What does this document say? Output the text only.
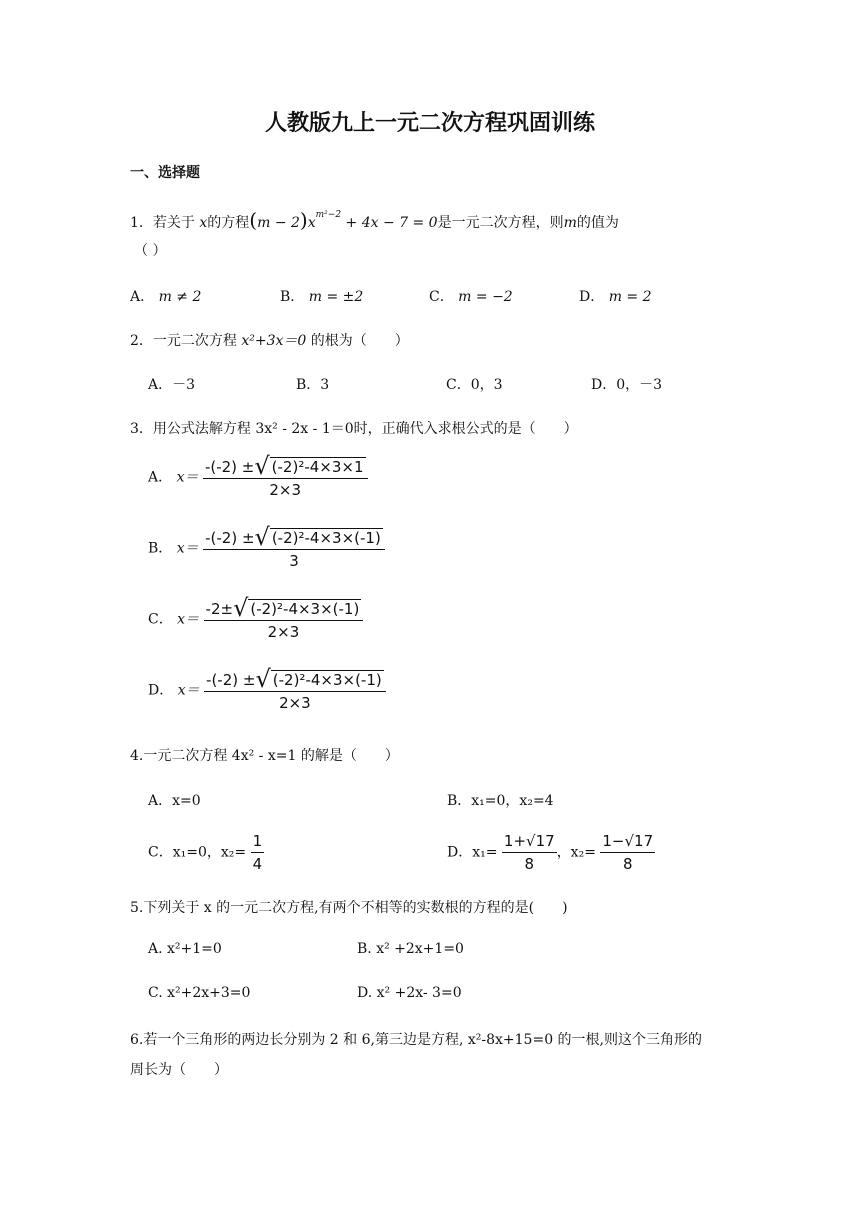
人教版九上一元二次方程巩固训练
一、选择题
1．若关于 x的方程$(m - 2)x^{m^2-2} + 4x - 7 = 0$是一元二次方程，则m的值为
（ ）
A． m ≠ 2	B． m = ±2	C． m = −2	D． m = 2
2．一元二次方程 x²+3x＝0 的根为（　　）
A．－3	B．3	C．0，3	D．0，－3
3．用公式法解方程 3x² - 2x - 1＝0时，正确代入求根公式的是（　　）
A． $x= \frac{\text{-(-2) ± √ (-2)²-4×3×1}}{2\times 3}$
B． $x= \frac{\text{-(-2) ± √ (-2)²-4×3×(-1)}}{3}$
C． $x= \frac{\text{-2± √ (-2)²-4×3×(-1)}}{2\times 3}$
D． $x= \frac{\text{-(-2) ± √ (-2)²-4×3×(-1)}}{2\times 3}$
4.一元二次方程 4x² - x=1 的解是（　　）
A．x=0	B．x₁=0，x₂=4
C．x₁=0，$x_2= \frac{1}{4}$	D．$x_1= \frac{1+√17}{8}$ ，$x_2= \frac{1-√17}{8}$
5.下列关于 x 的一元二次方程,有两个不相等的实数根的方程的是(　　)
A. x²+1=0	B. x² +2x+1=0
C. x²+2x+3=0	D. x² +2x- 3=0
6.若一个三角形的两边长分别为 2 和 6,第三边是方程, x²-8x+15=0 的一根,则这个三角形的
周长为（　　）
